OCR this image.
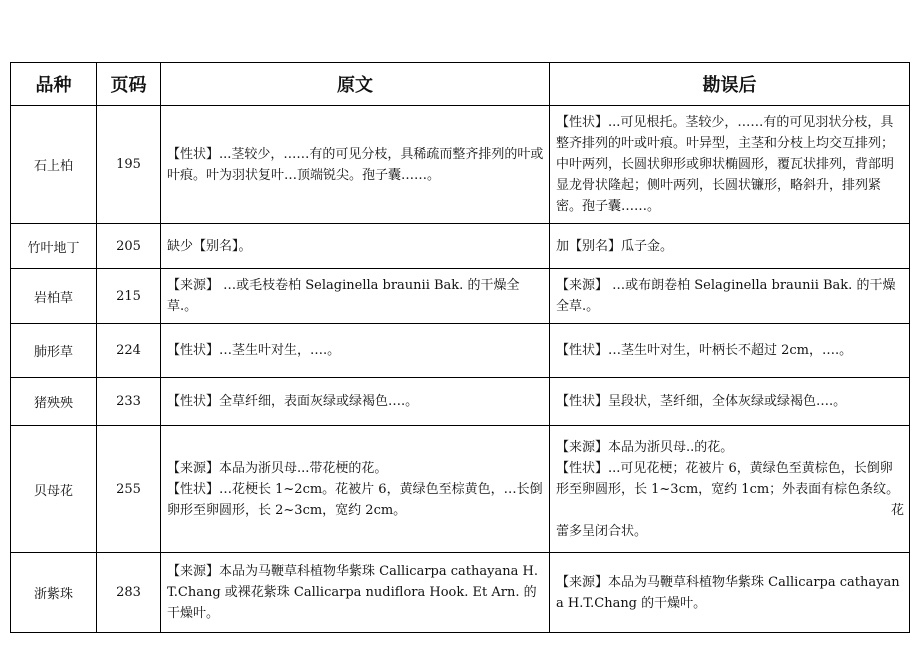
品种	页码	原文	勘误后
石上柏	195	【性状】...茎较少，……有的可见分枝，具稀疏而整齐排列的叶或叶痕。叶为羽状复叶…顶端锐尖。孢子囊……。	【性状】...可见根托。茎较少，……有的可见羽状分枝，具整齐排列的叶或叶痕。叶异型，主茎和分枝上均交互排列；中叶两列，长圆状卵形或卵状椭圆形，覆瓦状排列，背部明显龙骨状隆起；侧叶两列，长圆状镰形，略斜升，排列紧密。孢子囊……。

竹叶地丁	205	缺少【别名】。	加【别名】瓜子金。

岩柏草	215	【来源】 …或毛枝卷柏 Selaginella braunii Bak. 的干燥全草.。	【来源】 …或布朗卷柏 Selaginella braunii Bak. 的干燥全草.。

肺形草	224	【性状】…茎生叶对生，….。	【性状】…茎生叶对生，叶柄长不超过 2cm，….。

猪殃殃	233	【性状】全草纤细，表面灰绿或绿褐色….。	【性状】呈段状，茎纤细，全体灰绿或绿褐色….。

贝母花	255	【来源】本品为浙贝母...带花梗的花。
【性状】…花梗长 1~2cm。花被片 6，黄绿色至棕黄色，…长倒卵形至卵圆形，长 2~3cm，宽约 2cm。	【来源】本品为浙贝母..的花。
【性状】...可见花梗；花被片 6，黄绿色至黄棕色，长倒卵形至卵圆形，长 1~3cm，宽约 1cm；外表面有棕色条纹。
花
蕾多呈闭合状。

浙紫珠	283	【来源】本品为马鞭草科植物华紫珠 Callicarpa cathayana H.T.Chang 或裸花紫珠 Callicarpa nudiflora Hook. Et Arn. 的干燥叶。	【来源】本品为马鞭草科植物华紫珠 Callicarpa cathayana H.T.Chang 的干燥叶。
